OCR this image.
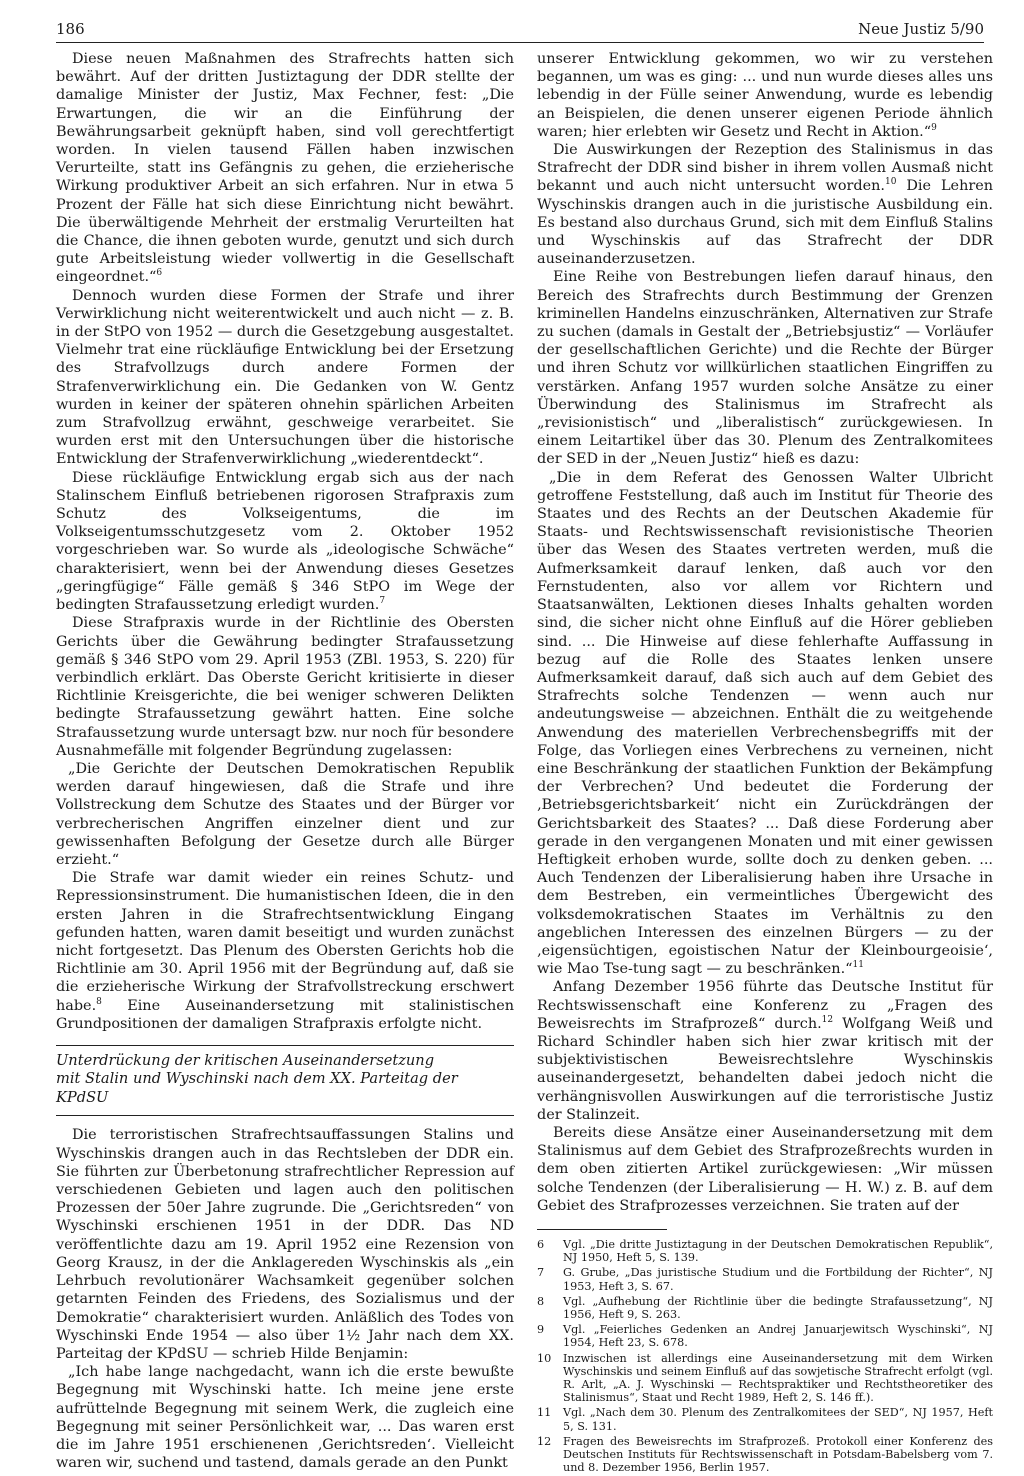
186	Neue Justiz 5/90

Diese neuen Maßnahmen des Strafrechts hatten sich bewährt. Auf der dritten Justiztagung der DDR stellte der damalige Minister der Justiz, Max Fechner, fest: „Die Erwartungen, die wir an die Einführung der Bewährungsarbeit geknüpft haben, sind voll gerechtfertigt worden. In vielen tausend Fällen haben inzwischen Verurteilte, statt ins Gefängnis zu gehen, die erzieherische Wirkung produktiver Arbeit an sich erfahren. Nur in etwa 5 Prozent der Fälle hat sich diese Einrichtung nicht bewährt. Die überwältigende Mehrheit der erstmalig Verurteilten hat die Chance, die ihnen geboten wurde, genutzt und sich durch gute Arbeitsleistung wieder vollwertig in die Gesellschaft eingeordnet.“$^6$

Dennoch wurden diese Formen der Strafe und ihrer Verwirklichung nicht weiterentwickelt und auch nicht — z. B. in der StPO von 1952 — durch die Gesetzgebung ausgestaltet. Vielmehr trat eine rückläufige Entwicklung bei der Ersetzung des Strafvollzugs durch andere Formen der Strafenverwirklichung ein. Die Gedanken von W. Gentz wurden in keiner der späteren ohnehin spärlichen Arbeiten zum Strafvollzug erwähnt, geschweige verarbeitet. Sie wurden erst mit den Untersuchungen über die historische Entwicklung der Strafenverwirklichung „wiederentdeckt“.

Diese rückläufige Entwicklung ergab sich aus der nach Stalinschem Einfluß betriebenen rigorosen Strafpraxis zum Schutz des Volkseigentums, die im Volkseigentumsschutzgesetz vom 2. Oktober 1952 vorgeschrieben war. So wurde als „ideologische Schwäche“ charakterisiert, wenn bei der Anwendung dieses Gesetzes „geringfügige“ Fälle gemäß § 346 StPO im Wege der bedingten Strafaussetzung erledigt wurden.$^7$

Diese Strafpraxis wurde in der Richtlinie des Obersten Gerichts über die Gewährung bedingter Strafaussetzung gemäß § 346 StPO vom 29. April 1953 (ZBl. 1953, S. 220) für verbindlich erklärt. Das Oberste Gericht kritisierte in dieser Richtlinie Kreisgerichte, die bei weniger schweren Delikten bedingte Strafaussetzung gewährt hatten. Eine solche Strafaussetzung wurde untersagt bzw. nur noch für besondere Ausnahmefälle mit folgender Begründung zugelassen:

„Die Gerichte der Deutschen Demokratischen Republik werden darauf hingewiesen, daß die Strafe und ihre Vollstreckung dem Schutze des Staates und der Bürger vor verbrecherischen Angriffen einzelner dient und zur gewissenhaften Befolgung der Gesetze durch alle Bürger erzieht.“

Die Strafe war damit wieder ein reines Schutz- und Repressionsinstrument. Die humanistischen Ideen, die in den ersten Jahren in die Strafrechtsentwicklung Eingang gefunden hatten, waren damit beseitigt und wurden zunächst nicht fortgesetzt. Das Plenum des Obersten Gerichts hob die Richtlinie am 30. April 1956 mit der Begründung auf, daß sie die erzieherische Wirkung der Strafvollstreckung erschwert habe.$^8$ Eine Auseinandersetzung mit stalinistischen Grundpositionen der damaligen Strafpraxis erfolgte nicht.

Unterdrückung der kritischen Auseinandersetzung
mit Stalin und Wyschinski nach dem XX. Parteitag der KPdSU

Die terroristischen Strafrechtsauffassungen Stalins und Wyschinskis drangen auch in das Rechtsleben der DDR ein. Sie führten zur Überbetonung strafrechtlicher Repression auf verschiedenen Gebieten und lagen auch den politischen Prozessen der 50er Jahre zugrunde. Die „Gerichtsreden“ von Wyschinski erschienen 1951 in der DDR. Das ND veröffentlichte dazu am 19. April 1952 eine Rezension von Georg Krausz, in der die Anklagereden Wyschinskis als „ein Lehrbuch revolutionärer Wachsamkeit gegenüber solchen getarnten Feinden des Friedens, des Sozialismus und der Demokratie“ charakterisiert wurden. Anläßlich des Todes von Wyschinski Ende 1954 — also über 1½ Jahr nach dem XX. Parteitag der KPdSU — schrieb Hilde Benjamin:

„Ich habe lange nachgedacht, wann ich die erste bewußte Begegnung mit Wyschinski hatte. Ich meine jene erste aufrüttelnde Begegnung mit seinem Werk, die zugleich eine Begegnung mit seiner Persönlichkeit war, ... Das waren erst die im Jahre 1951 erschienenen ‚Gerichtsreden‘. Vielleicht waren wir, suchend und tastend, damals gerade an den Punkt

unserer Entwicklung gekommen, wo wir zu verstehen begannen, um was es ging: ... und nun wurde dieses alles uns lebendig in der Fülle seiner Anwendung, wurde es lebendig an Beispielen, die denen unserer eigenen Periode ähnlich waren; hier erlebten wir Gesetz und Recht in Aktion.“$^9$

Die Auswirkungen der Rezeption des Stalinismus in das Strafrecht der DDR sind bisher in ihrem vollen Ausmaß nicht bekannt und auch nicht untersucht worden.$^{10}$ Die Lehren Wyschinskis drangen auch in die juristische Ausbildung ein. Es bestand also durchaus Grund, sich mit dem Einfluß Stalins und Wyschinskis auf das Strafrecht der DDR auseinanderzusetzen.

Eine Reihe von Bestrebungen liefen darauf hinaus, den Bereich des Strafrechts durch Bestimmung der Grenzen kriminellen Handelns einzuschränken, Alternativen zur Strafe zu suchen (damals in Gestalt der „Betriebsjustiz“ — Vorläufer der gesellschaftlichen Gerichte) und die Rechte der Bürger und ihren Schutz vor willkürlichen staatlichen Eingriffen zu verstärken. Anfang 1957 wurden solche Ansätze zu einer Überwindung des Stalinismus im Strafrecht als „revisionistisch“ und „liberalistisch“ zurückgewiesen. In einem Leitartikel über das 30. Plenum des Zentralkomitees der SED in der „Neuen Justiz“ hieß es dazu:

„Die in dem Referat des Genossen Walter Ulbricht getroffene Feststellung, daß auch im Institut für Theorie des Staates und des Rechts an der Deutschen Akademie für Staats- und Rechtswissenschaft revisionistische Theorien über das Wesen des Staates vertreten werden, muß die Aufmerksamkeit darauf lenken, daß auch vor den Fernstudenten, also vor allem vor Richtern und Staatsanwälten, Lektionen dieses Inhalts gehalten worden sind, die sicher nicht ohne Einfluß auf die Hörer geblieben sind. ... Die Hinweise auf diese fehlerhafte Auffassung in bezug auf die Rolle des Staates lenken unsere Aufmerksamkeit darauf, daß sich auch auf dem Gebiet des Strafrechts solche Tendenzen — wenn auch nur andeutungsweise — abzeichnen. Enthält die zu weitgehende Anwendung des materiellen Verbrechensbegriffs mit der Folge, das Vorliegen eines Verbrechens zu verneinen, nicht eine Beschränkung der staatlichen Funktion der Bekämpfung der Verbrechen? Und bedeutet die Forderung der ‚Betriebsgerichtsbarkeit‘ nicht ein Zurückdrängen der Gerichtsbarkeit des Staates? ... Daß diese Forderung aber gerade in den vergangenen Monaten und mit einer gewissen Heftigkeit erhoben wurde, sollte doch zu denken geben. ... Auch Tendenzen der Liberalisierung haben ihre Ursache in dem Bestreben, ein vermeintliches Übergewicht des volksdemokratischen Staates im Verhältnis zu den angeblichen Interessen des einzelnen Bürgers — zu der ‚eigensüchtigen, egoistischen Natur der Kleinbourgeoisie‘, wie Mao Tse-tung sagt — zu beschränken.“$^{11}$

Anfang Dezember 1956 führte das Deutsche Institut für Rechtswissenschaft eine Konferenz zu „Fragen des Beweisrechts im Strafprozeß“ durch.$^{12}$ Wolfgang Weiß und Richard Schindler haben sich hier zwar kritisch mit der subjektivistischen Beweisrechtslehre Wyschinskis auseinandergesetzt, behandelten dabei jedoch nicht die verhängnisvollen Auswirkungen auf die terroristische Justiz der Stalinzeit.

Bereits diese Ansätze einer Auseinandersetzung mit dem Stalinismus auf dem Gebiet des Strafprozeßrechts wurden in dem oben zitierten Artikel zurückgewiesen: „Wir müssen solche Tendenzen (der Liberalisierung — H. W.) z. B. auf dem Gebiet des Strafprozesses verzeichnen. Sie traten auf der

6	Vgl. „Die dritte Justiztagung in der Deutschen Demokratischen Republik“, NJ 1950, Heft 5, S. 139.
7	G. Grube, „Das juristische Studium und die Fortbildung der Richter“, NJ 1953, Heft 3, S. 67.
8	Vgl. „Aufhebung der Richtlinie über die bedingte Strafaussetzung“, NJ 1956, Heft 9, S. 263.
9	Vgl. „Feierliches Gedenken an Andrej Januarjewitsch Wyschinski“, NJ 1954, Heft 23, S. 678.
10	Inzwischen ist allerdings eine Auseinandersetzung mit dem Wirken Wyschinskis und seinem Einfluß auf das sowjetische Strafrecht erfolgt (vgl. R. Arlt, „A. J. Wyschinski — Rechtspraktiker und Rechtstheoretiker des Stalinismus“, Staat und Recht 1989, Heft 2, S. 146 ff.).
11	Vgl. „Nach dem 30. Plenum des Zentralkomitees der SED“, NJ 1957, Heft 5, S. 131.
12	Fragen des Beweisrechts im Strafprozeß. Protokoll einer Konferenz des Deutschen Instituts für Rechtswissenschaft in Potsdam-Babelsberg vom 7. und 8. Dezember 1956, Berlin 1957.
